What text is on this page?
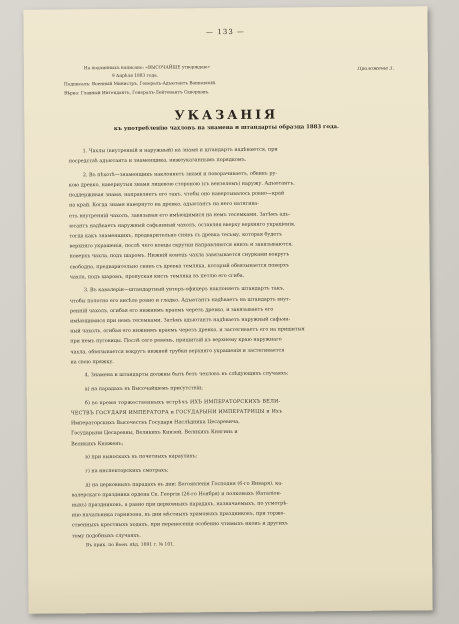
— 133 —
Приложеніе 3.
На подлинныхъ написано: «ВЫСОЧАЙШЕ утверждаю»
9 Апрѣля 1883 года.
Подписалъ: Военный Министръ, Генералъ-Адъютантъ Ванновскій.
Вѣрно: Главный Интендантъ, Генералъ-Лейтенантъ Скворцовъ.
УКАЗАНІЯ
къ употребленію чахловъ на знамена и штандарты образца 1883 года.
1. Чахлы (внутренній и наружный) на знамя и штандартъ надѣваются, при
посредствѣ адъютанта и знаменщика, нижеуказаннымъ порядкомъ.
2. Въ пѣхотѣ—знаменщикъ наклоняетъ знамя и поворачиваетъ, обвивъ ру-
кою древко, навернутыя знамя лицевою стороною (съ вензелемъ) наружу. Адъютантъ,
поддерживая знамя, направляетъ его такъ, чтобы оно навертывалось ровно—край
на край. Когда знамя навернуто на древко, адъютантъ на него натягива-
етъ внутренній чахолъ, завязывая его имѣющимися на немъ тесемками. Затѣмъ адъ-
ютантъ надѣваетъ наружный сафьянный чахолъ, оставляя вверху верхняго украшенія,
тогда какъ знаменщикъ, предварительно снявъ съ древка тесьму, которая будетъ
верхняго украшенія, послѣ чего концы скрутки направляются внизъ и завязываются,
поверхъ чахла, подъ шаромъ. Нижній конецъ чахла завязывается снурками вокругъ
свободно, предварительно снявъ съ древка темляка, который обвязывается поверхъ
чахла, подъ шаромъ, пропуская кисть темляка въ петлю его сгиба.
3. Въ кавалеріи—штандартный унтеръ-офицеръ наклоняетъ штандартъ такъ,
чтобы полотно его висѣло ровно и гладко. Адъютантъ надѣваетъ на штандартъ внут-
ренній чахолъ, огибая его нижнимъ краемъ черезъ древко, и завязываетъ его
имѣющимися при немъ тесемками. Затѣмъ адъютантъ надѣваетъ наружный сафьян-
ный чахолъ, огибая его нижнимъ краемъ черезъ древко, и застегиваетъ его на пришитыя
при немъ пуговицы. Послѣ сего ремень, пришитый къ верхнему краю наружнаго
чахла, обвязывается вокругъ нижней трубки верхняго украшенія и застегивается
на свою пряжку.
4. Знамена и штандарты должны быть безъ чехловъ въ слѣдующихъ случаяхъ:
а) на парадахъ въ Высочайшемъ присутствіи;
б) во время торжественныхъ встрѣчъ ИХЪ ИМПЕРАТОРСКИХЪ ВЕЛИ-
ЧЕСТВЪ ГОСУДАРЯ ИМПЕРАТОРА и ГОСУДАРЫНИ ИМПЕРАТРИЦЫ и Ихъ
Императорскихъ Высочествъ Государя Наслѣдника Цесаревича,
Государыни Цесаревны, Великихъ Князей, Великихъ Княгинь и
Великихъ Княженъ;
в) при выноскахъ въ почетныхъ караулахъ;
г) на инспекторскихъ смотрахъ;
д) на церковныхъ парадахъ въ дни: Богоявленія Господня (6-го Января), ка-
валерскаго праздника ордена Св. Георгія (26-го Ноября) и полковыхъ (баталіон-
ныхъ) праздниковъ, а равно при церковныхъ парадахъ, назначаемыхъ, по усмотрѣ-
нію начальника гарнизона, въ дни мѣстныхъ храмовыхъ праздниковъ, при торже-
ственныхъ крестныхъ ходахъ, при перенесеніи особенно чтимыхъ иконъ и другихъ
тому подобныхъ случаяхъ.
Въ прик. по Воен. вѣд. 1891 г. № 101.
